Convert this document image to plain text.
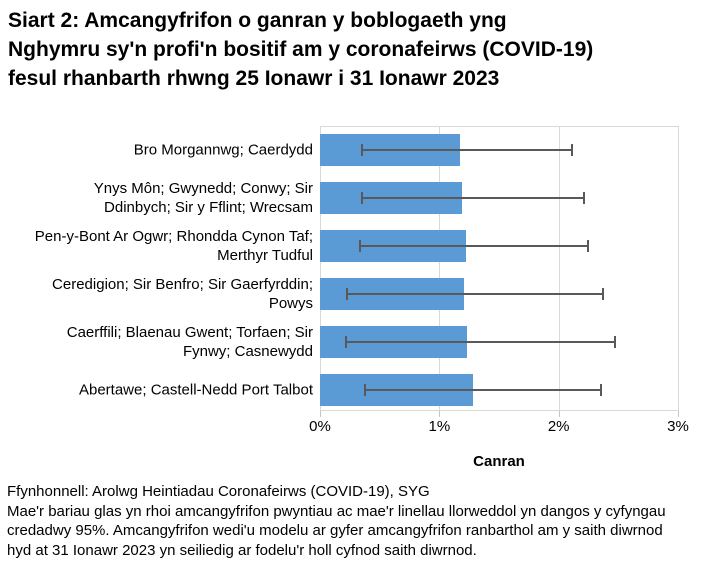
Siart 2: Amcangyfrifon o ganran y boblogaeth yng
Nghymru sy'n profi'n bositif am y coronafeirws (COVID-19)
fesul rhanbarth rhwng 25 Ionawr i 31 Ionawr 2023
0%	1%	2%	3%
Bro Morgannwg; Caerdydd
Ynys Môn; Gwynedd; Conwy; Sir
Ddinbych; Sir y Fflint; Wrecsam
Pen-y-Bont Ar Ogwr; Rhondda Cynon Taf;
Merthyr Tudful
Ceredigion; Sir Benfro; Sir Gaerfyrddin;
Powys
Caerffili; Blaenau Gwent; Torfaen; Sir
Fynwy; Casnewydd
Abertawe; Castell-Nedd Port Talbot
Canran
Ffynhonnell: Arolwg Heintiadau Coronafeirws (COVID-19), SYG
Mae'r bariau glas yn rhoi amcangyfrifon pwyntiau ac mae'r linellau llorweddol yn dangos y cyfyngau
credadwy 95%. Amcangyfrifon wedi'u modelu ar gyfer amcangyfrifon ranbarthol am y saith diwrnod
hyd at 31 Ionawr 2023 yn seiliedig ar fodelu'r holl cyfnod saith diwrnod.
